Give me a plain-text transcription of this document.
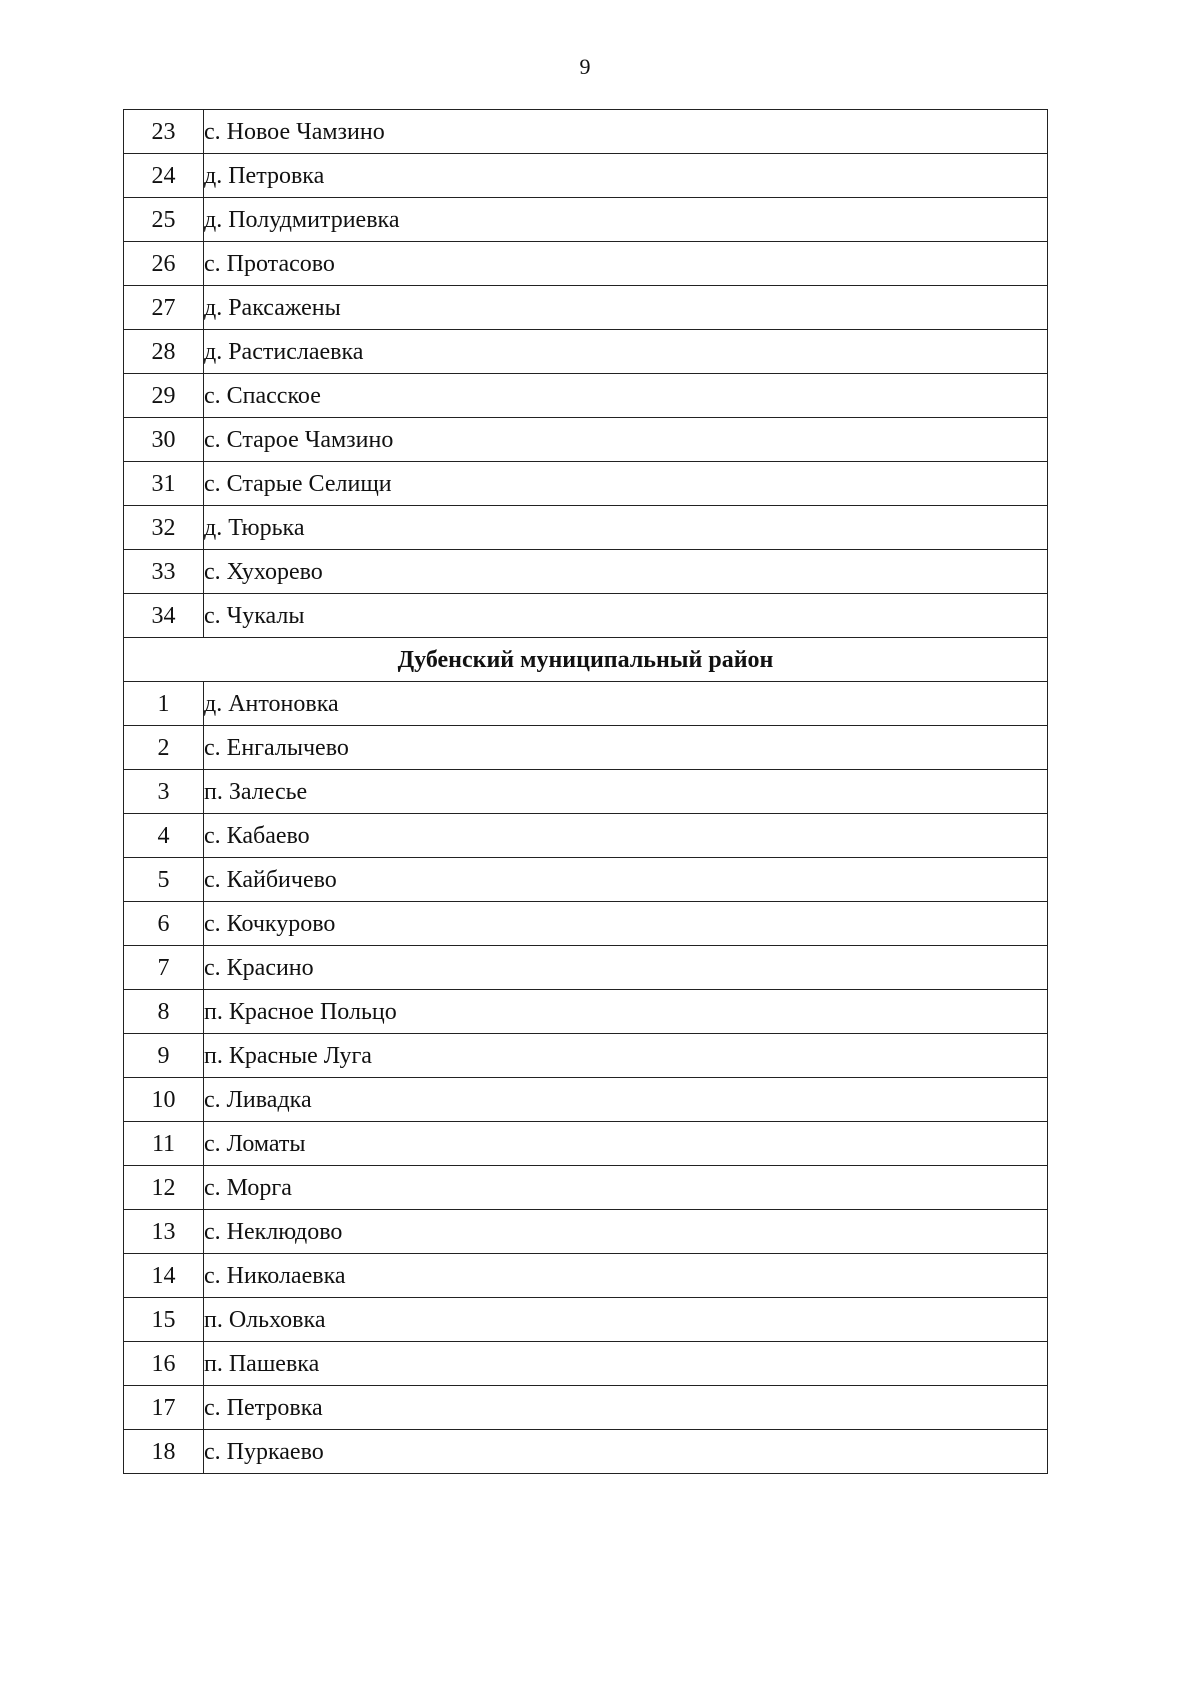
9
23	с. Новое Чамзино
24	д. Петровка
25	д. Полудмитриевка
26	с. Протасово
27	д. Раксажены
28	д. Растислаевка
29	с. Спасское
30	с. Старое Чамзино
31	с. Старые Селищи
32	д. Тюрька
33	с. Хухорево
34	с. Чукалы
Дубенский муниципальный район	
1	д. Антоновка
2	с. Енгалычево
3	п. Залесье
4	с. Кабаево
5	с. Кайбичево
6	с. Кочкурово
7	с. Красино
8	п. Красное Польцо
9	п. Красные Луга
10	с. Ливадка
11	с. Ломаты
12	с. Морга
13	с. Неклюдово
14	с. Николаевка
15	п. Ольховка
16	п. Пашевка
17	с. Петровка
18	с. Пуркаево
